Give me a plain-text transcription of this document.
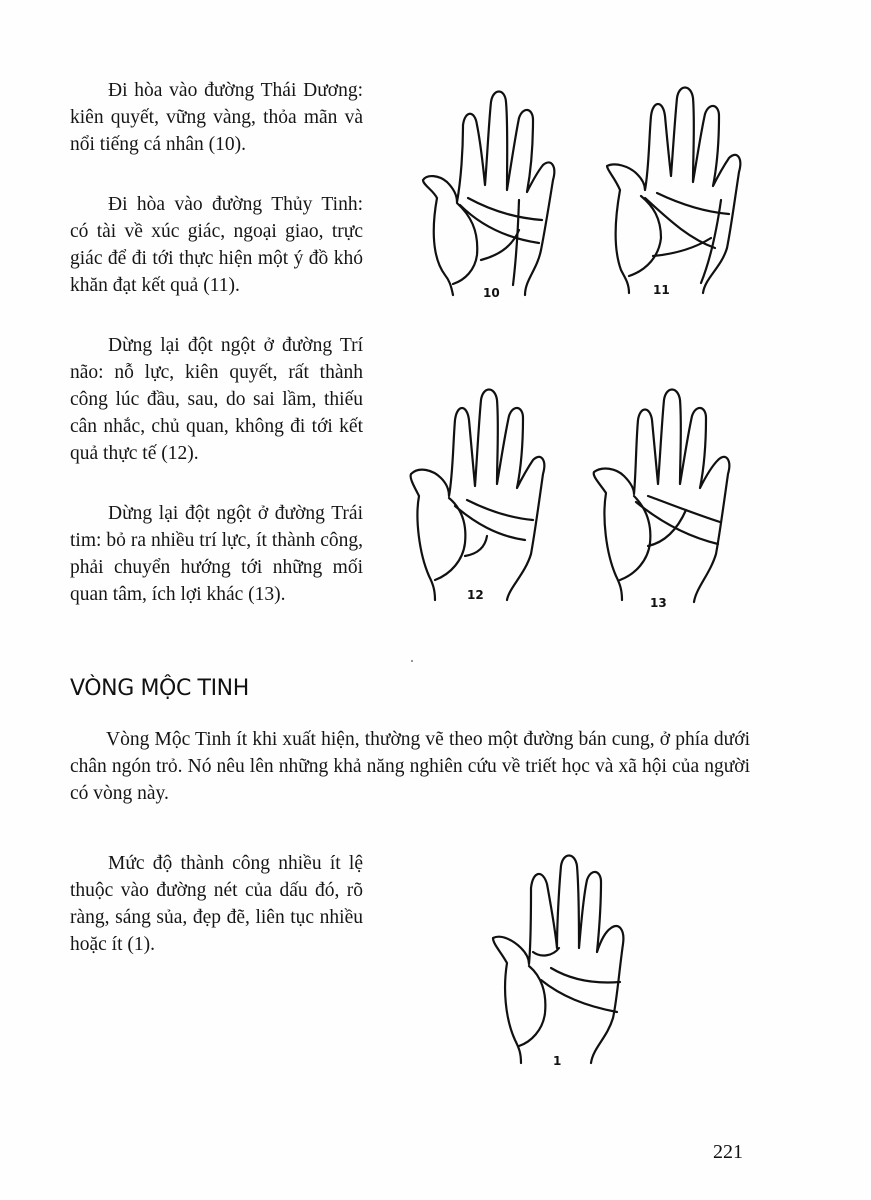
Đi hòa vào đường Thái Dương: kiên quyết, vững vàng, thỏa mãn và nổi tiếng cá nhân (10).

Đi hòa vào đường Thủy Tinh: có tài về xúc giác, ngoại giao, trực giác để đi tới thực hiện một ý đồ khó khăn đạt kết quả (11).

Dừng lại đột ngột ở đường Trí não: nỗ lực, kiên quyết, rất thành công lúc đầu, sau, do sai lầm, thiếu cân nhắc, chủ quan, không đi tới kết quả thực tế (12).

Dừng lại đột ngột ở đường Trái tim: bỏ ra nhiều trí lực, ít thành công, phải chuyển hướng tới những mối quan tâm, ích lợi khác (13).

10	11
12
13
VÒNG MỘC TINH

Vòng Mộc Tinh ít khi xuất hiện, thường vẽ theo một đường bán cung, ở phía dưới chân ngón trỏ. Nó nêu lên những khả năng nghiên cứu về triết học và xã hội của người có vòng này.

Mức độ thành công nhiều ít lệ thuộc vào đường nét của dấu đó, rõ ràng, sáng sủa, đẹp đẽ, liên tục nhiều hoặc ít (1).

1
221
